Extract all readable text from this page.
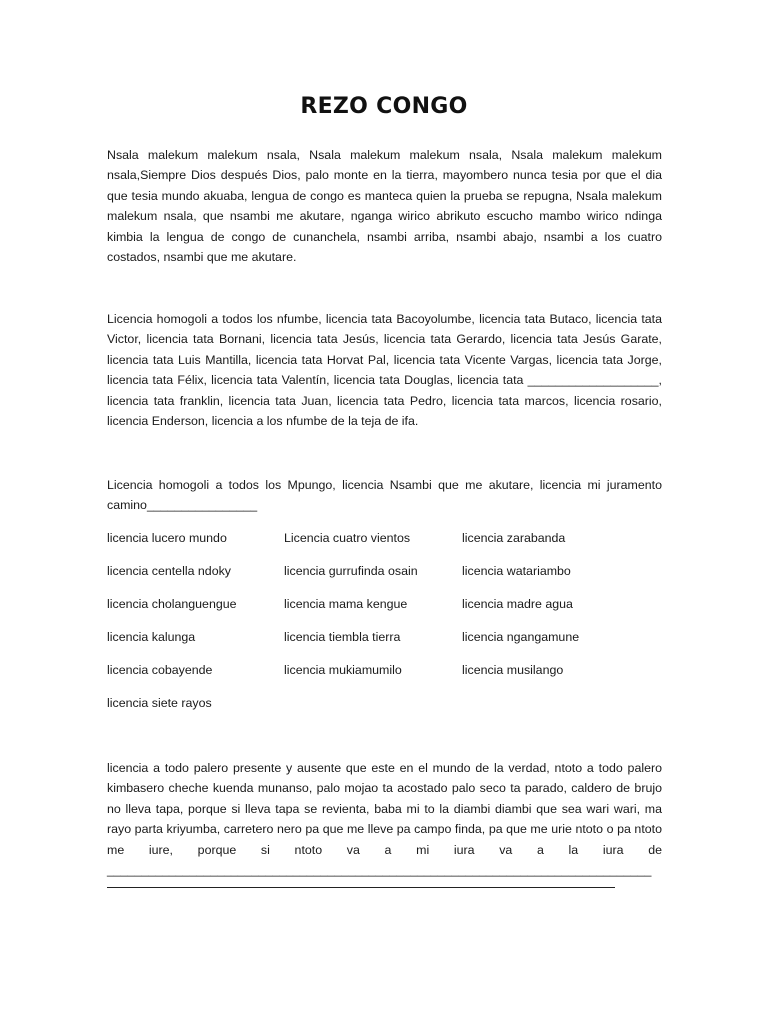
REZO CONGO
Nsala malekum malekum nsala, Nsala malekum malekum nsala, Nsala malekum malekum nsala,Siempre Dios después Dios, palo monte en la tierra, mayombero nunca tesia por que el dia que tesia mundo akuaba, lengua de congo es manteca quien la prueba se repugna, Nsala malekum malekum nsala, que nsambi me akutare, nganga wirico abrikuto escucho mambo wirico ndinga kimbia la lengua de congo de cunanchela, nsambi arriba, nsambi abajo, nsambi a los cuatro costados, nsambi que me akutare.
Licencia homogoli a todos los nfumbe, licencia tata Bacoyolumbe, licencia tata Butaco, licencia tata Victor, licencia tata Bornani, licencia tata Jesús, licencia tata Gerardo, licencia tata Jesús Garate, licencia tata Luis Mantilla, licencia tata Horvat Pal, licencia tata Vicente Vargas, licencia tata Jorge, licencia tata Félix, licencia tata Valentín, licencia tata Douglas, licencia tata ___________________, licencia tata franklin, licencia tata Juan, licencia tata Pedro, licencia tata marcos, licencia rosario, licencia Enderson, licencia a los nfumbe de la teja de ifa.
Licencia homogoli a todos los Mpungo, licencia Nsambi que me akutare, licencia mi juramento camino________________
licencia lucero mundo	Licencia cuatro vientos	licencia zarabanda
licencia centella ndoky	licencia gurrufinda osain	licencia watariambo
licencia cholanguengue	licencia mama kengue	licencia madre agua
licencia kalunga	licencia tiembla tierra	licencia ngangamune
licencia cobayende	licencia mukiamumilo	licencia musilango
licencia siete rayos
licencia a todo palero presente y ausente que este en el mundo de la verdad, ntoto a todo palero kimbasero cheche kuenda munanso, palo mojao ta acostado palo seco ta parado, caldero de brujo no lleva tapa, porque si lleva tapa se revienta, baba mi to la diambi diambi que sea wari wari, ma rayo parta kriyumba, carretero nero pa que me lleve pa campo finda, pa que me urie ntoto o pa ntoto me iure, porque si ntoto va a mi iura va a la iura de _______________________________________________________________________________
